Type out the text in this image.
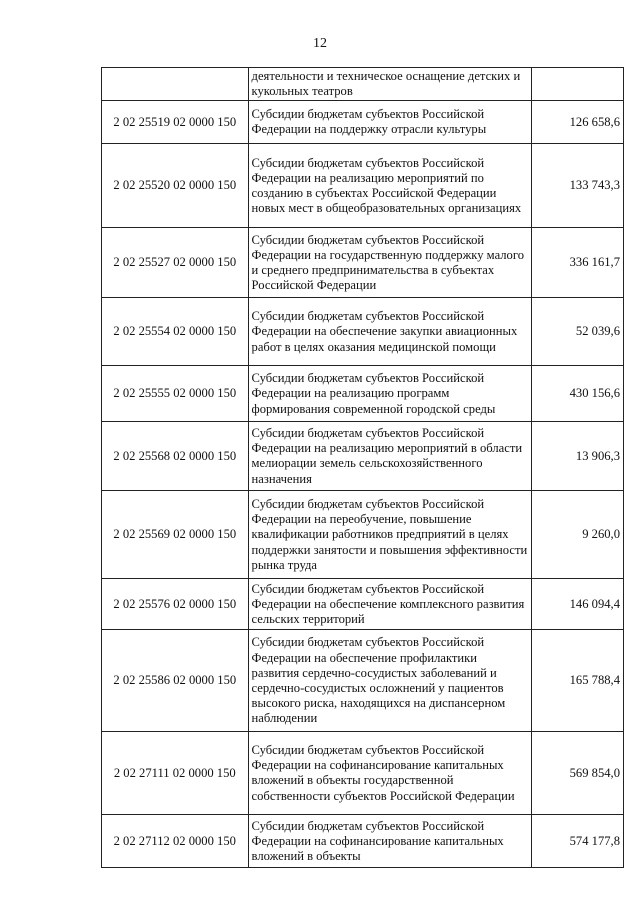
12
	деятельности и техническое оснащение детских и кукольных театров	
2 02 25519 02 0000 150	Субсидии бюджетам субъектов Российской Федерации на поддержку отрасли культуры	126 658,6
2 02 25520 02 0000 150	Субсидии бюджетам субъектов Российской Федерации на реализацию мероприятий по созданию в субъектах Российской Федерации новых мест в общеобразовательных организациях	133 743,3
2 02 25527 02 0000 150	Субсидии бюджетам субъектов Российской Федерации на государственную поддержку малого и среднего предпринимательства в субъектах Российской Федерации	336 161,7
2 02 25554 02 0000 150	Субсидии бюджетам субъектов Российской Федерации на обеспечение закупки авиационных работ в целях оказания медицинской помощи	52 039,6
2 02 25555 02 0000 150	Субсидии бюджетам субъектов Российской Федерации на реализацию программ формирования современной городской среды	430 156,6
2 02 25568 02 0000 150	Субсидии бюджетам субъектов Российской Федерации на реализацию мероприятий в области мелиорации земель сельскохозяйственного назначения	13 906,3
2 02 25569 02 0000 150	Субсидии бюджетам субъектов Российской Федерации на переобучение, повышение квалификации работников предприятий в целях поддержки занятости и повышения эффективности рынка труда	9 260,0
2 02 25576 02 0000 150	Субсидии бюджетам субъектов Российской Федерации на обеспечение комплексного развития сельских территорий	146 094,4
2 02 25586 02 0000 150	Субсидии бюджетам субъектов Российской Федерации на обеспечение профилактики развития сердечно-сосудистых заболеваний и сердечно-сосудистых осложнений у пациентов высокого риска, находящихся на диспансерном наблюдении	165 788,4
2 02 27111 02 0000 150	Субсидии бюджетам субъектов Российской Федерации на софинансирование капитальных вложений в объекты государственной собственности субъектов Российской Федерации	569 854,0
2 02 27112 02 0000 150	Субсидии бюджетам субъектов Российской Федерации на софинансирование капитальных вложений в объекты	574 177,8
